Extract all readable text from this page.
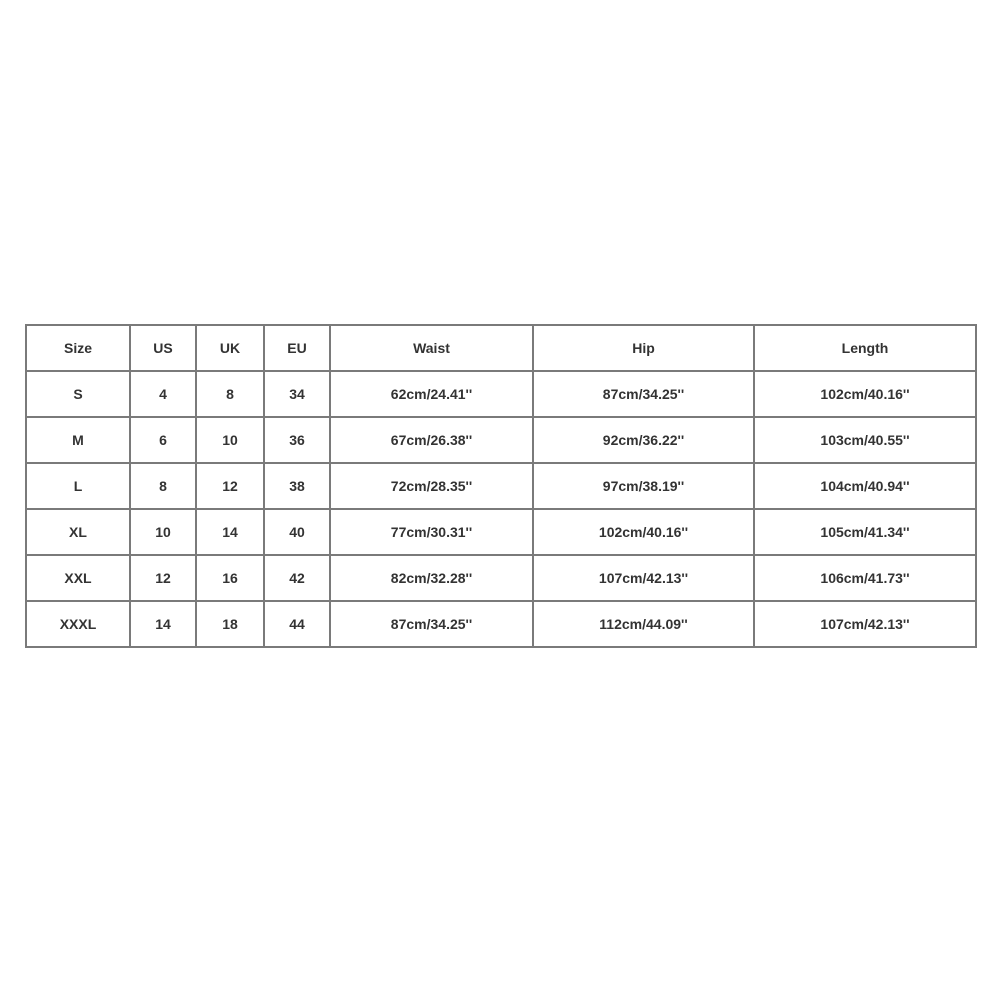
Size	US	UK	EU	Waist	Hip	Length
S	4	8	34	62cm/24.41''	87cm/34.25''	102cm/40.16''
M	6	10	36	67cm/26.38''	92cm/36.22''	103cm/40.55''
L	8	12	38	72cm/28.35''	97cm/38.19''	104cm/40.94''
XL	10	14	40	77cm/30.31''	102cm/40.16''	105cm/41.34''
XXL	12	16	42	82cm/32.28''	107cm/42.13''	106cm/41.73''
XXXL	14	18	44	87cm/34.25''	112cm/44.09''	107cm/42.13''
